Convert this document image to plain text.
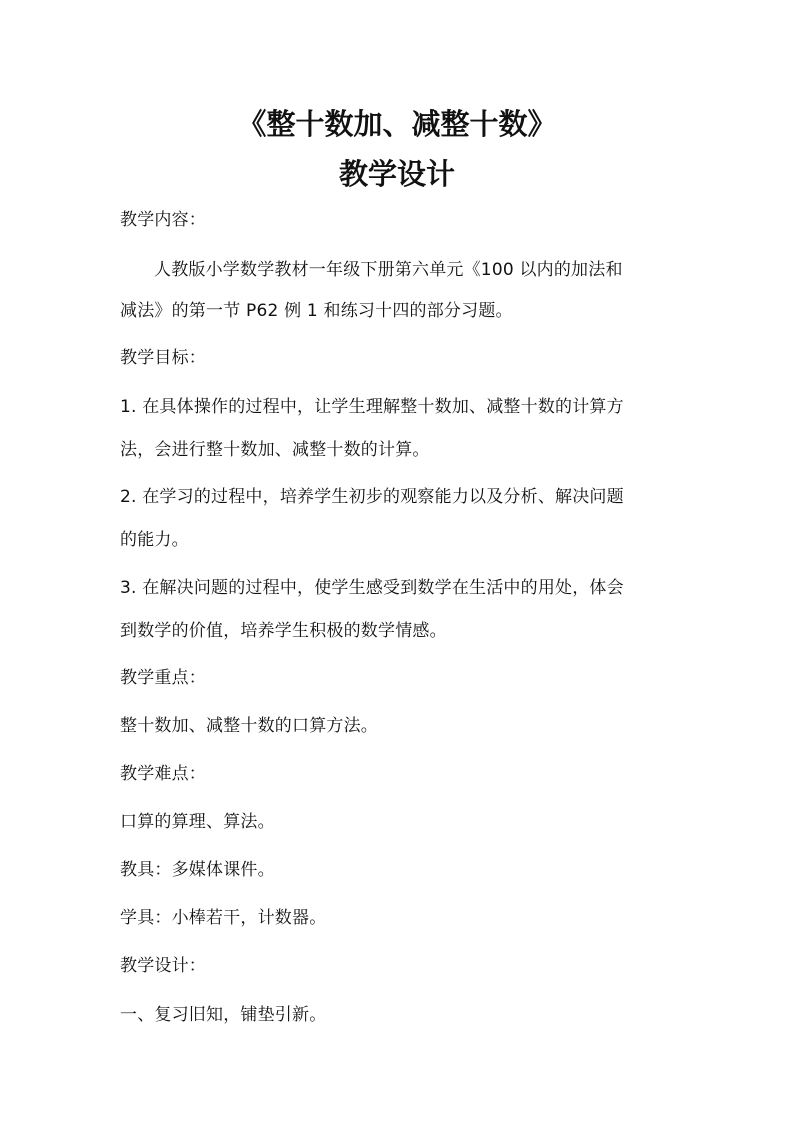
《整十数加、减整十数》
教学设计
教学内容：
人教版小学数学教材一年级下册第六单元《100 以内的加法和
减法》的第一节 P62 例 1 和练习十四的部分习题。
教学目标：
1. 在具体操作的过程中，让学生理解整十数加、减整十数的计算方
法，会进行整十数加、减整十数的计算。
2. 在学习的过程中，培养学生初步的观察能力以及分析、解决问题
的能力。
3. 在解决问题的过程中，使学生感受到数学在生活中的用处，体会
到数学的价值，培养学生积极的数学情感。
教学重点：
整十数加、减整十数的口算方法。
教学难点：
口算的算理、算法。
教具：多媒体课件。
学具：小棒若干，计数器。
教学设计：
一、复习旧知，铺垫引新。
